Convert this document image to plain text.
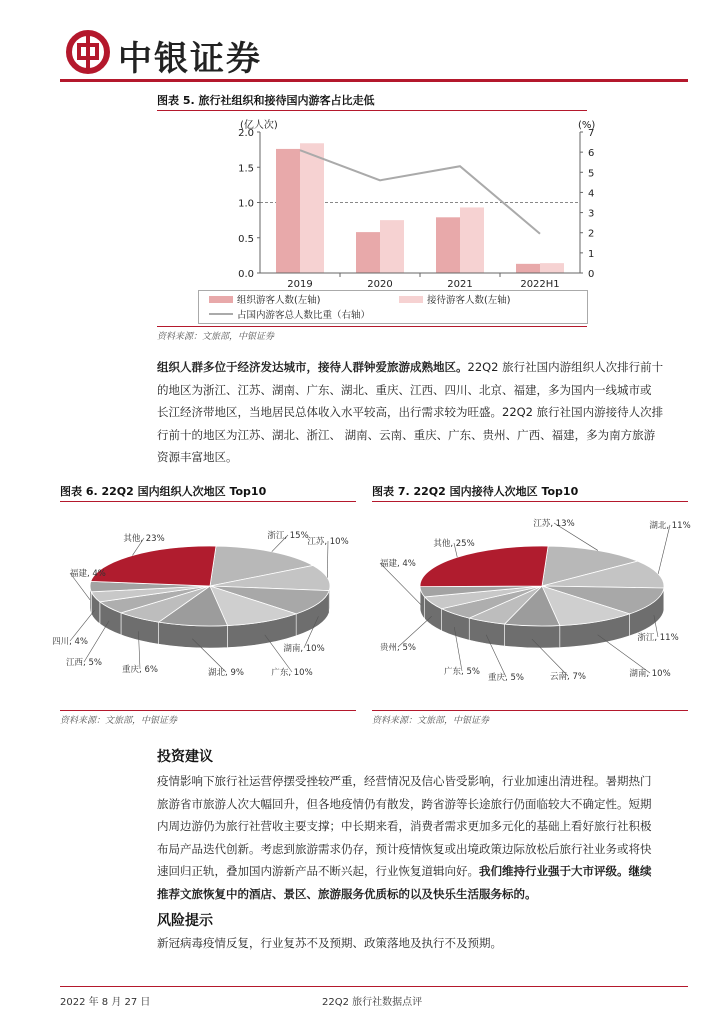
中银证券
图表 5. 旅行社组织和接待国内游客占比走低
(亿人次)	(%)
0.0
0.5
1.0
1.5
2.0
0
1
2
3
4
5
6
7
2019	2020	2021	2022H1
组织游客人数(左轴)	接待游客人数(左轴)
占国内游客总人数比重（右轴）
资料来源：文旅部，中银证券
组织人群多位于经济发达城市，接待人群钟爱旅游成熟地区。22Q2 旅行社国内游组织人次排行前十
的地区为浙江、江苏、湖南、广东、湖北、重庆、江西、四川、北京、福建，多为国内一线城市或
长江经济带地区，当地居民总体收入水平较高，出行需求较为旺盛。22Q2 旅行社国内游接待人次排
行前十的地区为江苏、湖北、浙江、 湖南、云南、重庆、广东、贵州、广西、福建，多为南方旅游
资源丰富地区。
图表 6. 22Q2 国内组织人次地区 Top10	图表 7. 22Q2 国内接待人次地区 Top10
浙江, 15%
江苏, 10%
湖南, 10%
广东, 10%
湖北, 9%
重庆, 6%
江西, 5%
四川, 4%
福建, 4%
其他, 23%
江苏, 13%	湖北, 11%
浙江, 11%
湖南, 10%
云南, 7%
重庆, 5%
广东, 5%
贵州, 5%
福建, 4%
其他, 25%
资料来源：文旅部，中银证券	资料来源：文旅部，中银证券
投资建议
疫情影响下旅行社运营停摆受挫较严重，经营情况及信心皆受影响，行业加速出清进程。暑期热门
旅游省市旅游人次大幅回升，但各地疫情仍有散发，跨省游等长途旅行仍面临较大不确定性。短期
内周边游仍为旅行社营收主要支撑；中长期来看，消费者需求更加多元化的基础上看好旅行社积极
布局产品迭代创新。考虑到旅游需求仍存，预计疫情恢复或出境政策边际放松后旅行社业务或将快
速回归正轨，叠加国内游新产品不断兴起，行业恢复道辑向好。我们维持行业强于大市评级。继续
推荐文旅恢复中的酒店、景区、旅游服务优质标的以及快乐生活服务标的。
风险提示
新冠病毒疫情反复，行业复苏不及预期、政策落地及执行不及预期。
2022 年 8 月 27 日	22Q2 旅行社数据点评
